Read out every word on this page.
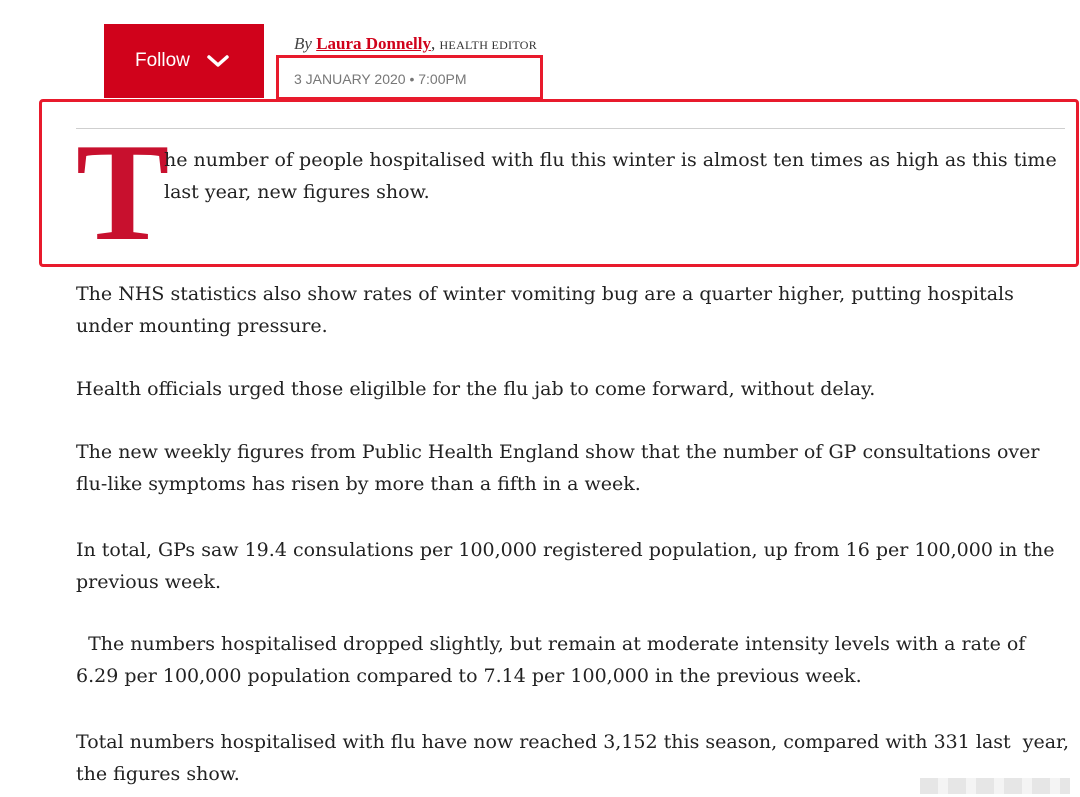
Follow
By Laura Donnelly, HEALTH EDITOR
3 JANUARY 2020 • 7:00PM
T
he number of people hospitalised with flu this winter is almost ten times as high as this time last year, new figures show.

The NHS statistics also show rates of winter vomiting bug are a quarter higher, putting hospitals under mounting pressure.

Health officials urged those eligilble for the flu jab to come forward, without delay.

The new weekly figures from Public Health England show that the number of GP consultations over flu-like symptoms has risen by more than a fifth in a week.

In total, GPs saw 19.4 consulations per 100,000 registered population, up from 16 per 100,000 in the previous week.

The numbers hospitalised dropped slightly, but remain at moderate intensity levels with a rate of 6.29 per 100,000 population compared to 7.14 per 100,000 in the previous week.

Total numbers hospitalised with flu have now reached 3,152 this season, compared with 331 last  year, the figures show.
